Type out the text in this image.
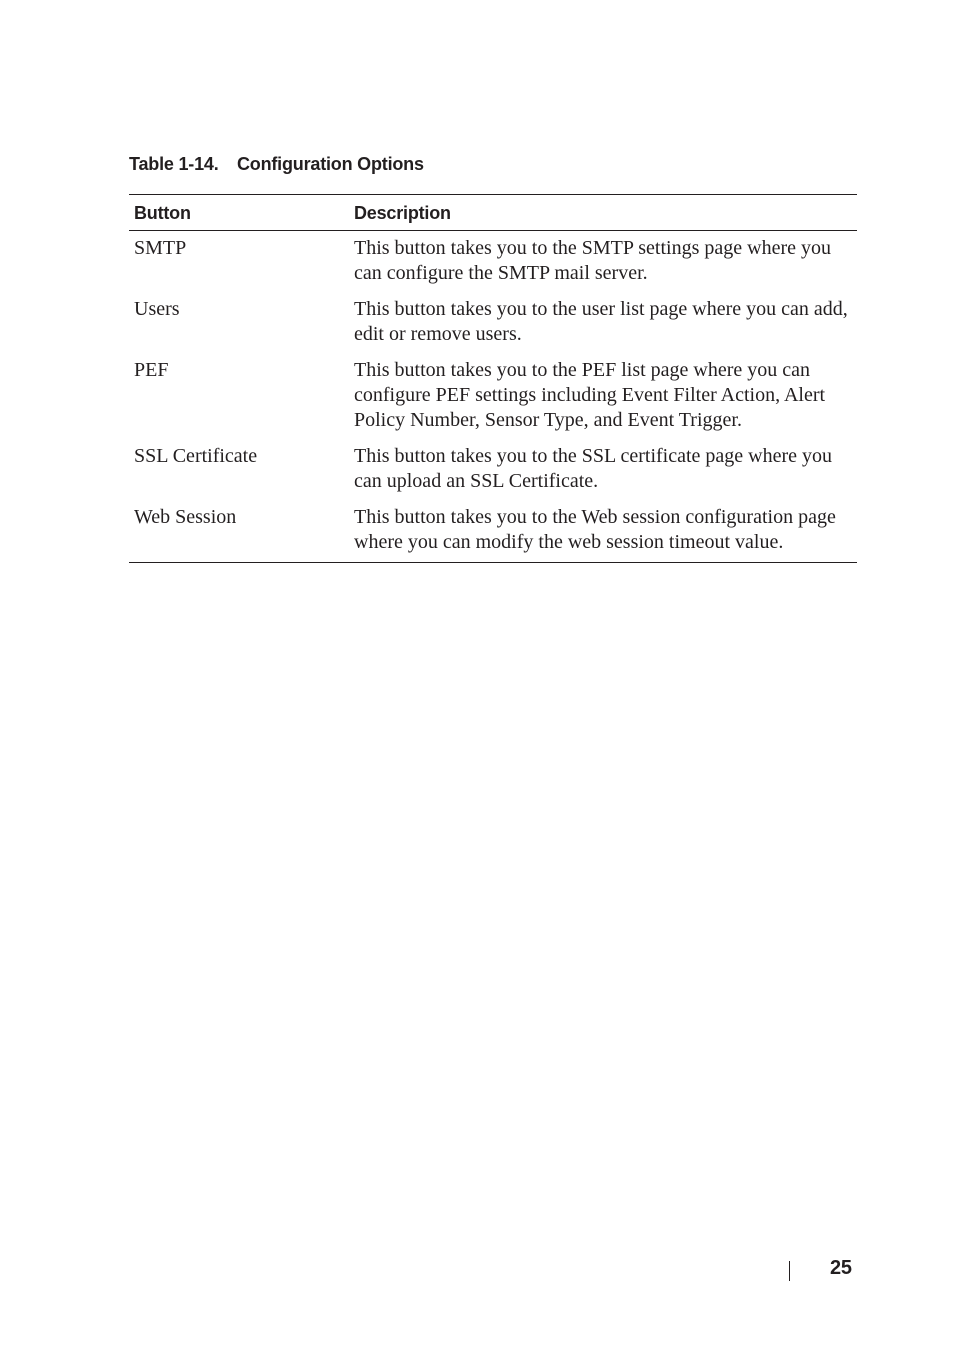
Table 1-14. Configuration Options
Button	Description
SMTP	This button takes you to the SMTP settings page where you can configure the SMTP mail server.
Users	This button takes you to the user list page where you can add, edit or remove users.
PEF	This button takes you to the PEF list page where you can configure PEF settings including Event Filter Action, Alert Policy Number, Sensor Type, and Event Trigger.
SSL Certificate	This button takes you to the SSL certificate page where you can upload an SSL Certificate.
Web Session	This button takes you to the Web session configuration page where you can modify the web session timeout value.
25
